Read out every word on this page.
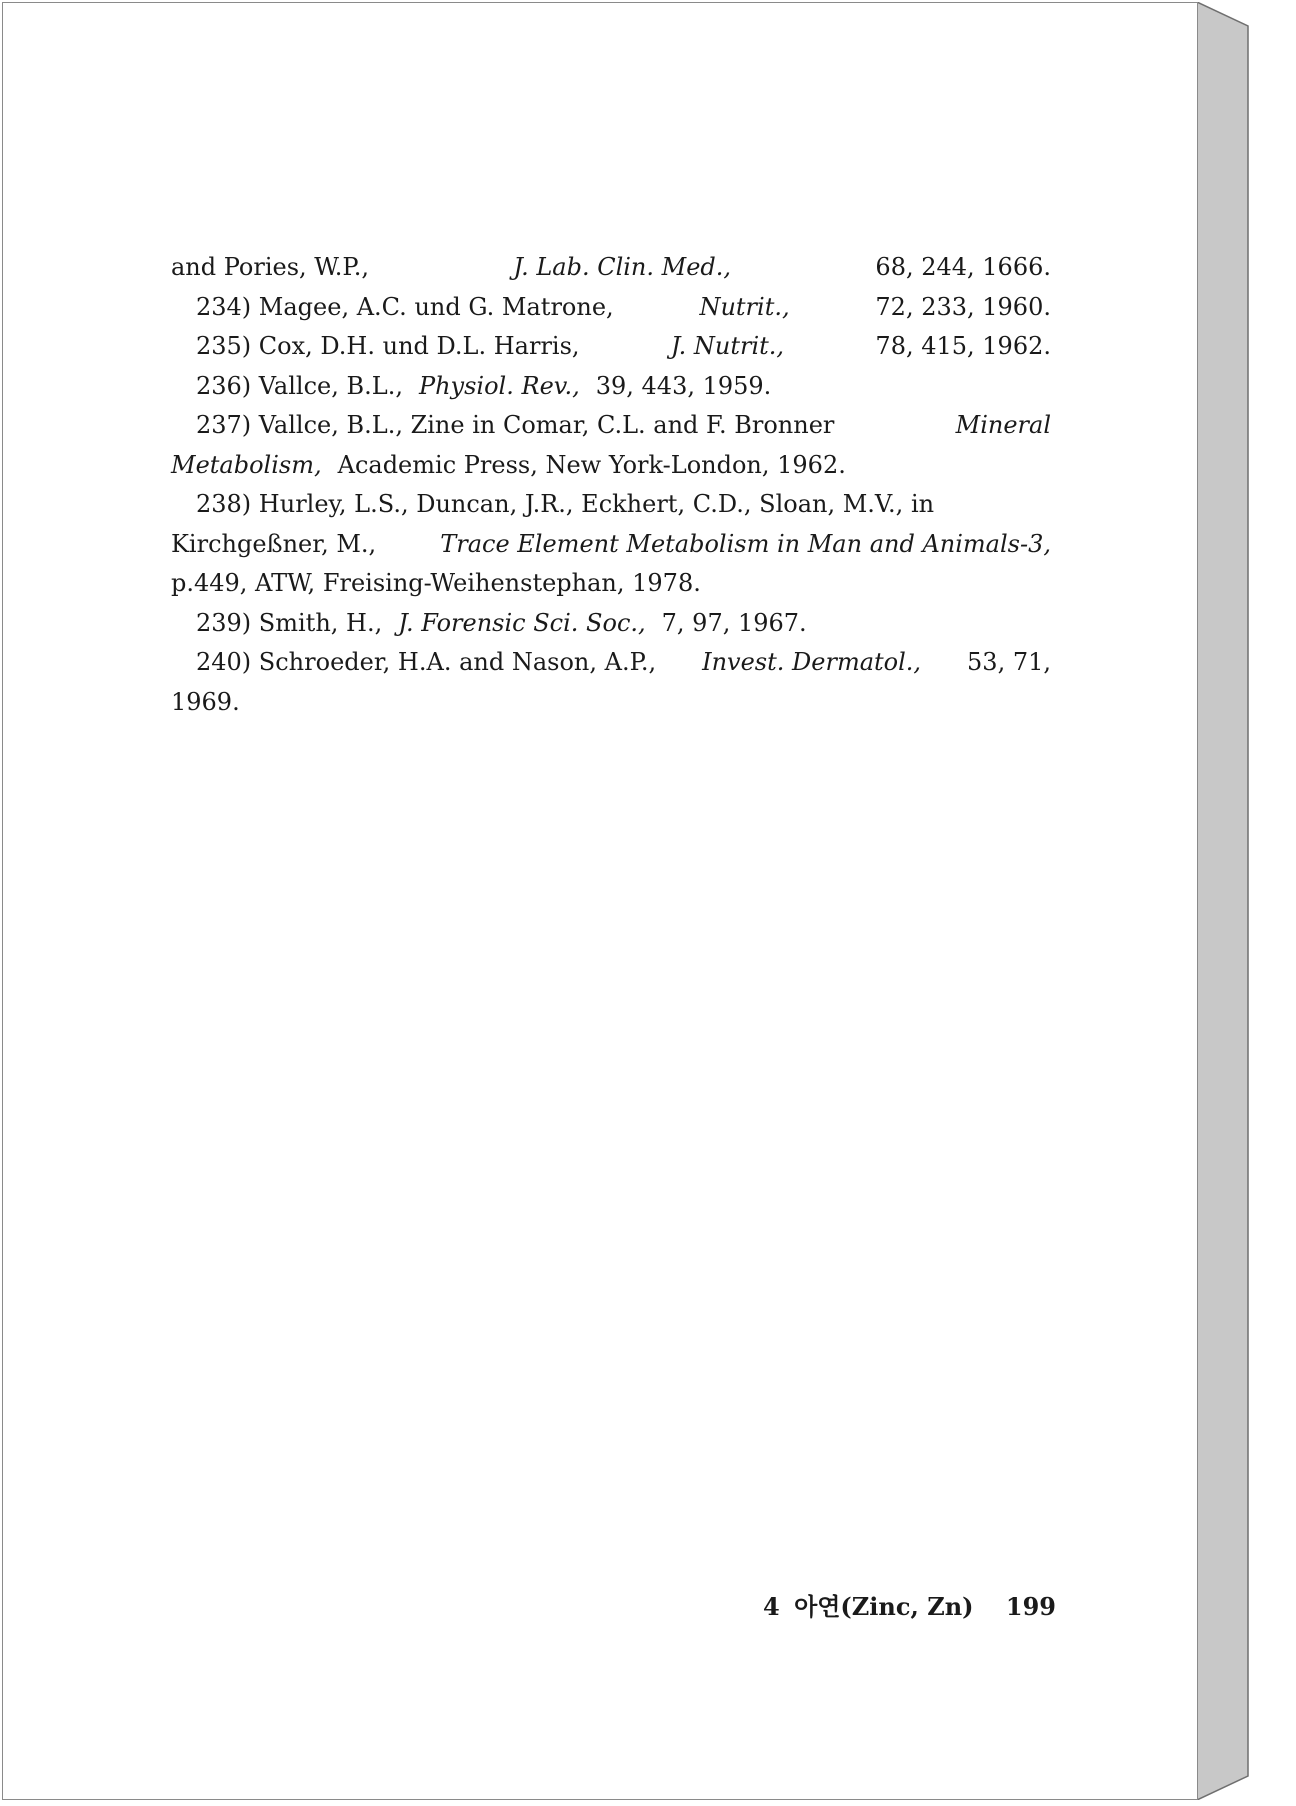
and Pories, W.P.,	J. Lab. Clin. Med.,	68, 244, 1666.
234) Magee, A.C. und G. Matrone,	Nutrit.,	72, 233, 1960.
235) Cox, D.H. und D.L. Harris,	J. Nutrit.,	78, 415, 1962.
236) Vallce, B.L., Physiol. Rev., 39, 443, 1959.
237) Vallce, B.L., Zine in Comar, C.L. and F. Bronner	Mineral
Metabolism, Academic Press, New York-London, 1962.
238) Hurley, L.S., Duncan, J.R., Eckhert, C.D., Sloan, M.V., in
Kirchgeßner, M.,	Trace Element Metabolism in Man and Animals-3,
p.449, ATW, Freising-Weihenstephan, 1978.
239) Smith, H., J. Forensic Sci. Soc., 7, 97, 1967.
240) Schroeder, H.A. and Nason, A.P., Invest. Dermatol., 53, 71,
1969.
4 아연(Zinc, Zn) 199
